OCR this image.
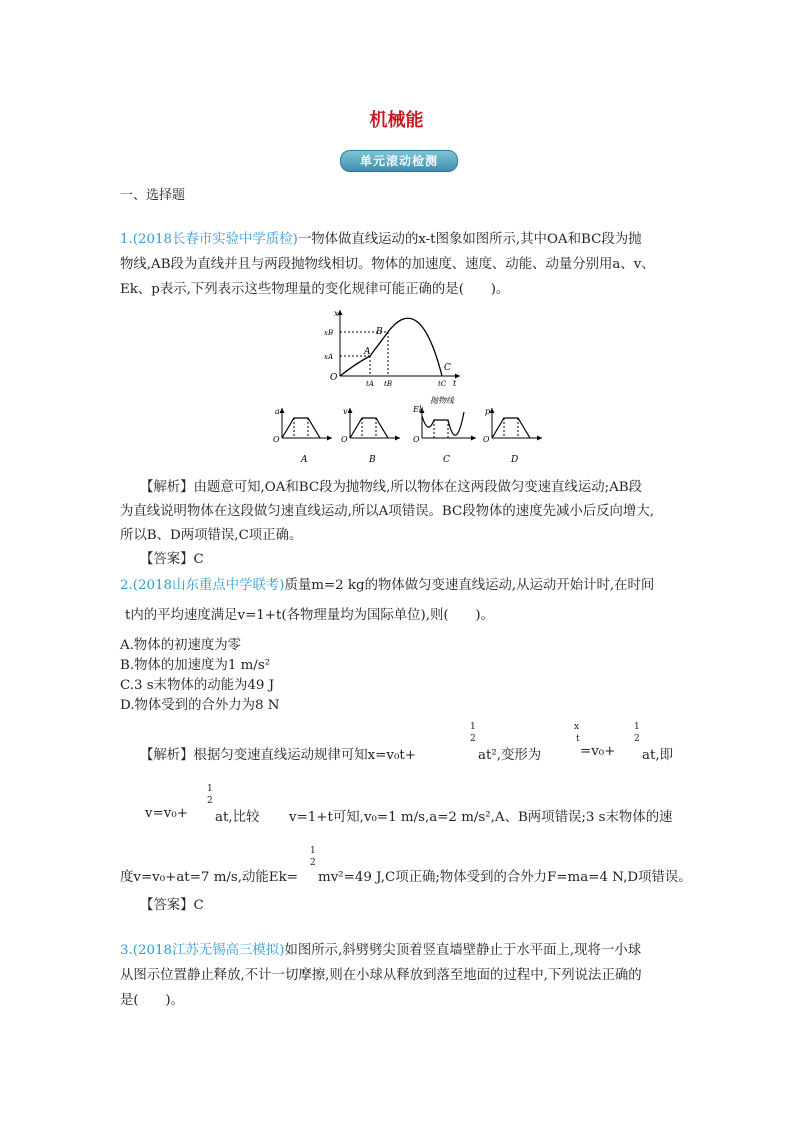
机械能
单元滚动检测
一、选择题
1.(2018长春市实验中学质检)一物体做直线运动的x-t图象如图所示,其中OA和BC段为抛
物线,AB段为直线并且与两段抛物线相切。物体的加速度、速度、动能、动量分别用a、v、
Ek、p表示,下列表示这些物理量的变化规律可能正确的是(　　)。
x
xB
xA
O
A
B
C
tA tB	tC t
a
O
A
v
O
B
Ek
O
抛物线
C
p
O
D
【解析】由题意可知,OA和BC段为抛物线,所以物体在这两段做匀变速直线运动;AB段
为直线说明物体在这段做匀速直线运动,所以A项错误。BC段物体的速度先减小后反向增大,
所以B、D两项错误,C项正确。
【答案】C
2.(2018山东重点中学联考)质量m=2 kg的物体做匀变速直线运动,从运动开始计时,在时间
t内的平均速度满足v=1+t(各物理量均为国际单位),则(　　)。
A.物体的初速度为零
B.物体的加速度为1 m/s²
C.3 s末物体的动能为49 J
D.物体受到的合外力为8 N
【解析】根据匀变速直线运动规律可知x=v₀t+
1
2
at²,变形为
x
t
=v₀+
1
2
at,即
v=v₀+
1
2
at,比较 v=1+t可知,v₀=1 m/s,a=2 m/s²,A、B两项错误;3 s末物体的速
度v=v₀+at=7 m/s,动能Ek=
1
2
mv²=49 J,C项正确;物体受到的合外力F=ma=4 N,D项错误。
【答案】C
3.(2018江苏无锡高三模拟)如图所示,斜劈劈尖顶着竖直墙壁静止于水平面上,现将一小球
从图示位置静止释放,不计一切摩擦,则在小球从释放到落至地面的过程中,下列说法正确的
是(　　)。
